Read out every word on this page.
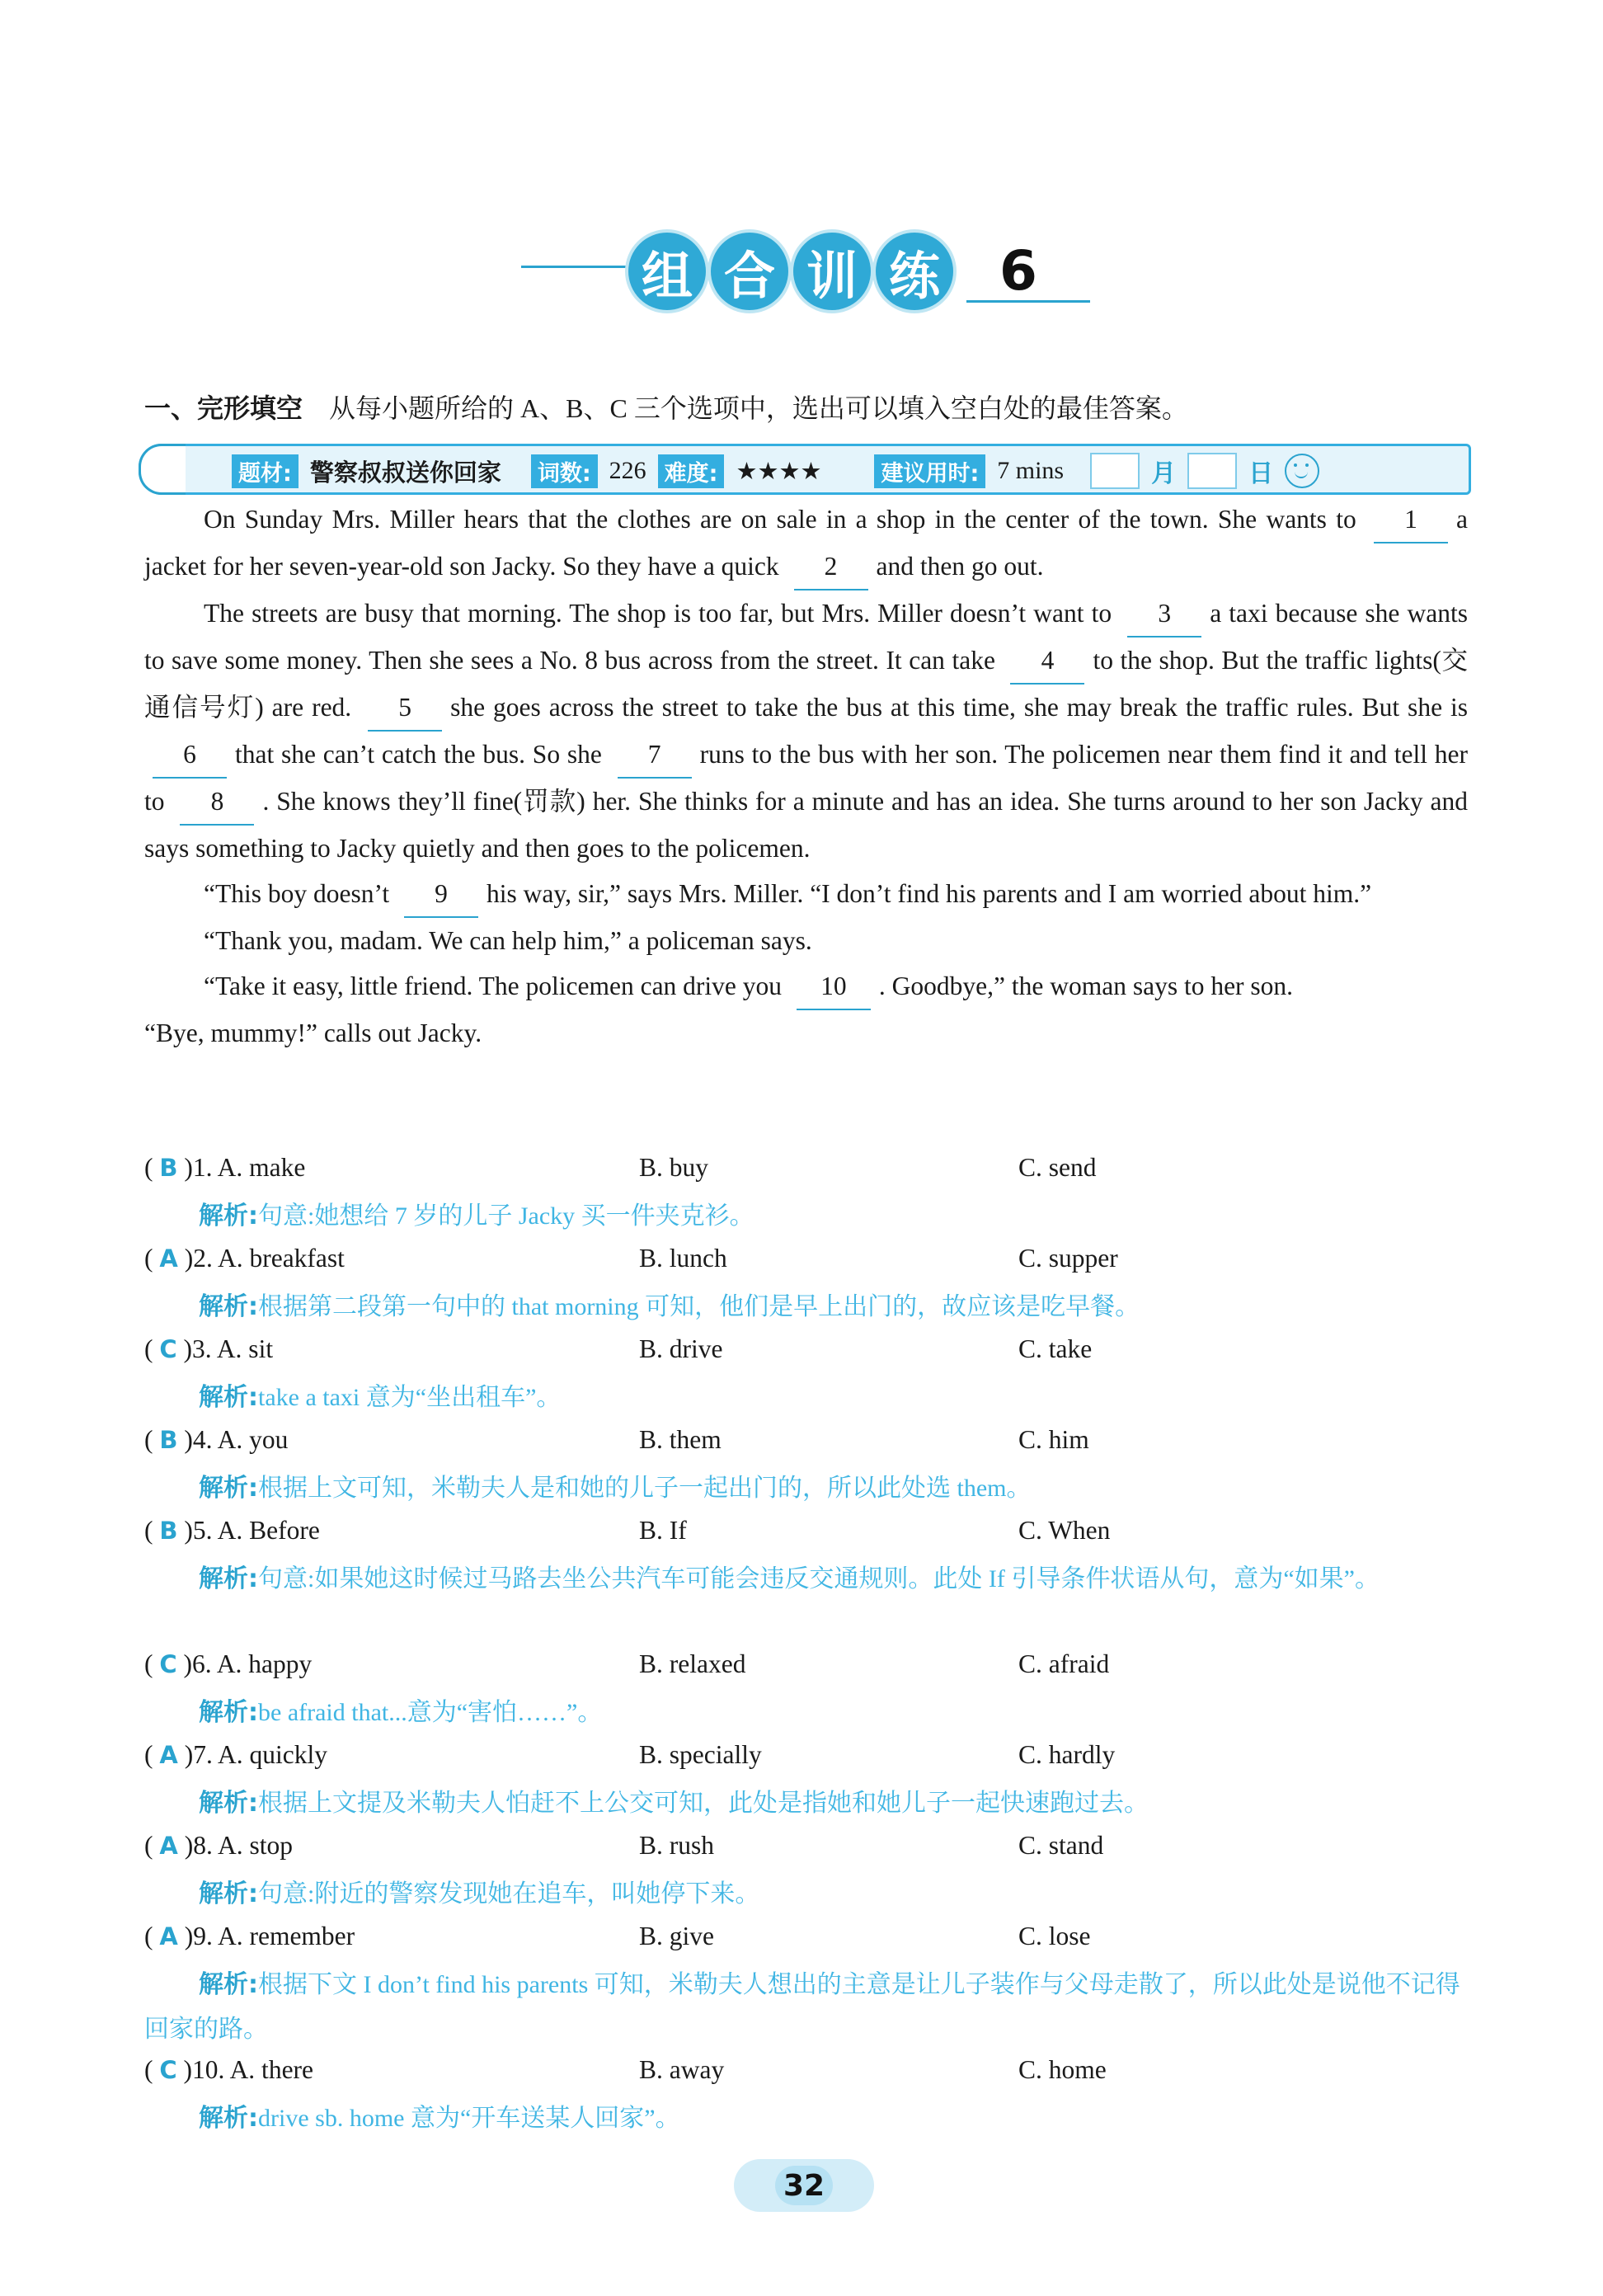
组 合 训 练 6
一、完形填空 从每小题所给的 A、B、C 三个选项中，选出可以填入空白处的最佳答案。
题材: 警察叔叔送你回家 词数: 226 难度: ★★★★	建议用时: 7 mins	月	日

On Sunday Mrs. Miller hears that the clothes are on sale in a shop in the center of the town. She wants to 1 a jacket for her seven-year-old son Jacky. So they have a quick 2 and then go out.

The streets are busy that morning. The shop is too far, but Mrs. Miller doesn’t want to 3 a taxi because she wants to save some money. Then she sees a No. 8 bus across from the street. It can take 4 to the shop. But the traffic lights(交通信号灯) are red. 5 she goes across the street to take the bus at this time, she may break the traffic rules. But she is 6 that she can’t catch the bus. So she 7 runs to the bus with her son. The policemen near them find it and tell her to 8 . She knows they’ll fine(罚款) her. She thinks for a minute and has an idea. She turns around to her son Jacky and says something to Jacky quietly and then goes to the policemen.

“This boy doesn’t 9 his way, sir,” says Mrs. Miller. “I don’t find his parents and I am worried about him.”

“Thank you, madam. We can help him,” a policeman says.

“Take it easy, little friend. The policemen can drive you 10 . Goodbye,” the woman says to her son.

“Bye, mummy!” calls out Jacky.

( B )1. A. make	B. buy	C. send
解析:句意:她想给 7 岁的儿子 Jacky 买一件夹克衫。
( A )2. A. breakfast	B. lunch	C. supper
解析:根据第二段第一句中的 that morning 可知，他们是早上出门的，故应该是吃早餐。
( C )3. A. sit	B. drive	C. take
解析:take a taxi 意为“坐出租车”。
( B )4. A. you	B. them	C. him
解析:根据上文可知，米勒夫人是和她的儿子一起出门的，所以此处选 them。
( B )5. A. Before	B. If	C. When
解析:句意:如果她这时候过马路去坐公共汽车可能会违反交通规则。此处 If 引导条件状语从句，意为“如果”。
( C )6. A. happy	B. relaxed	C. afraid
解析:be afraid that...意为“害怕……”。
( A )7. A. quickly	B. specially	C. hardly
解析:根据上文提及米勒夫人怕赶不上公交可知，此处是指她和她儿子一起快速跑过去。
( A )8. A. stop	B. rush	C. stand
解析:句意:附近的警察发现她在追车，叫她停下来。
( A )9. A. remember	B. give	C. lose
解析:根据下文 I don’t find his parents 可知，米勒夫人想出的主意是让儿子装作与父母走散了，所以此处是说他不记得回家的路。
( C )10. A. there	B. away	C. home
解析:drive sb. home 意为“开车送某人回家”。
32
